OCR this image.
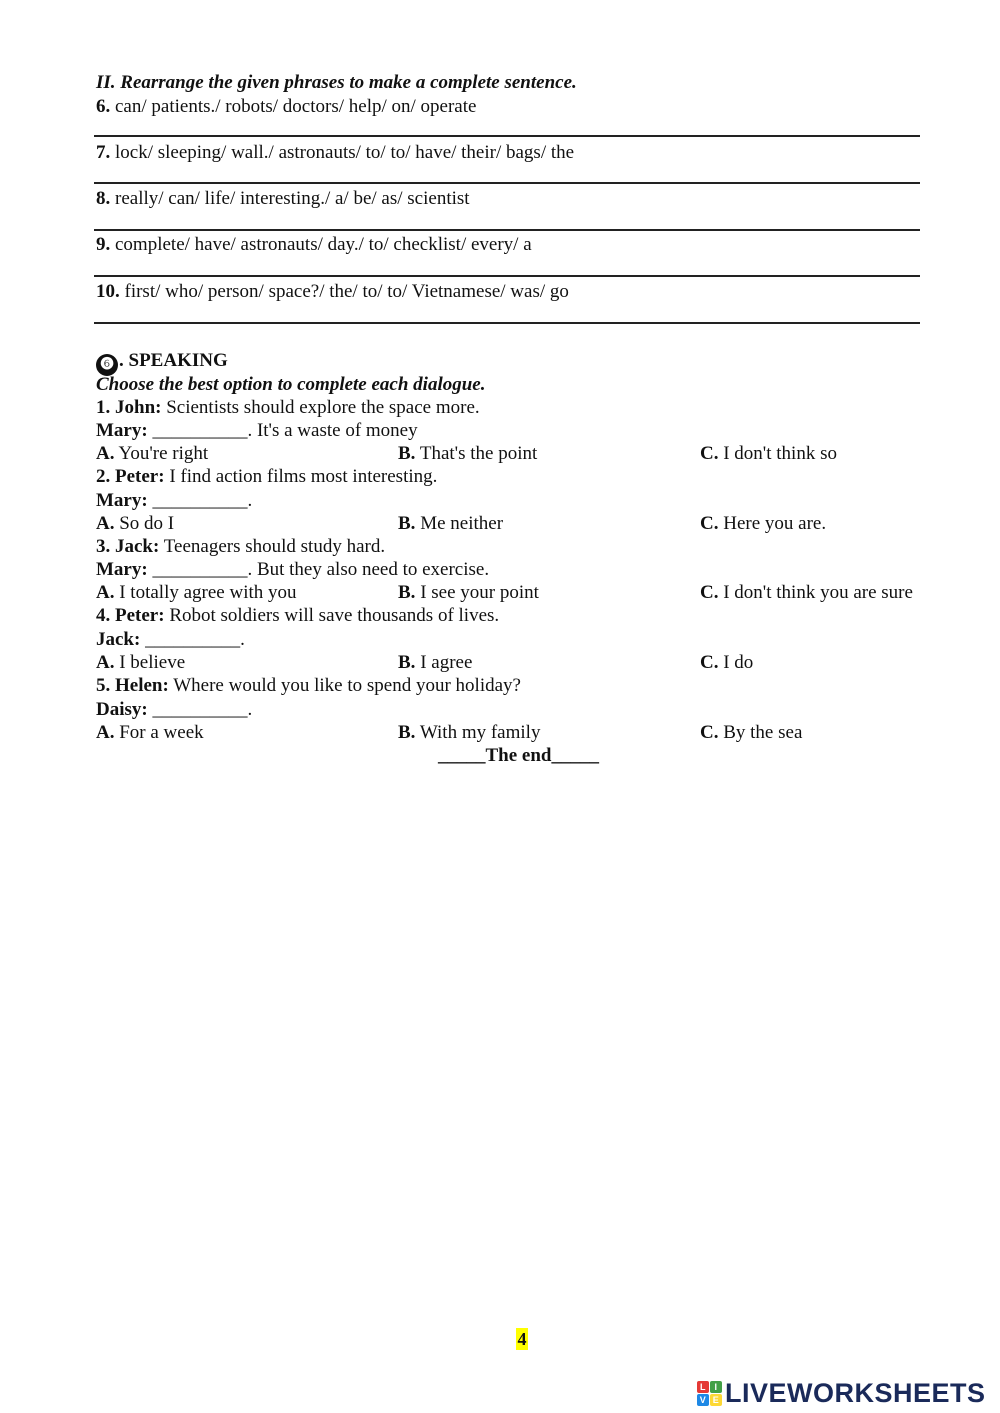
II. Rearrange the given phrases to make a complete sentence.
6. can/ patients./ robots/ doctors/ help/ on/ operate
7. lock/ sleeping/ wall./ astronauts/ to/ to/ have/ their/ bags/ the
8. really/ can/ life/ interesting./ a/ be/ as/ scientist
9. complete/ have/ astronauts/ day./ to/ checklist/ every/ a
10. first/ who/ person/ space?/ the/ to/ to/ Vietnamese/ was/ go
❻ . SPEAKING
Choose the best option to complete each dialogue.
1. John: Scientists should explore the space more.
Mary: __________. It's a waste of money
A. You're right	B. That's the point	C. I don't think so
2. Peter: I find action films most interesting.
Mary: __________.
A. So do I	B. Me neither	C. Here you are.
3. Jack: Teenagers should study hard.
Mary: __________. But they also need to exercise.
A. I totally agree with you	B. I see your point	C. I don't think you are sure
4. Peter: Robot soldiers will save thousands of lives.
Jack: __________.
A. I believe	B. I agree	C. I do
5. Helen: Where would you like to spend your holiday?
Daisy: __________.
A. For a week	B. With my family	C. By the sea
_____The end_____
4
L I
V E LIVEWORKSHEETS
